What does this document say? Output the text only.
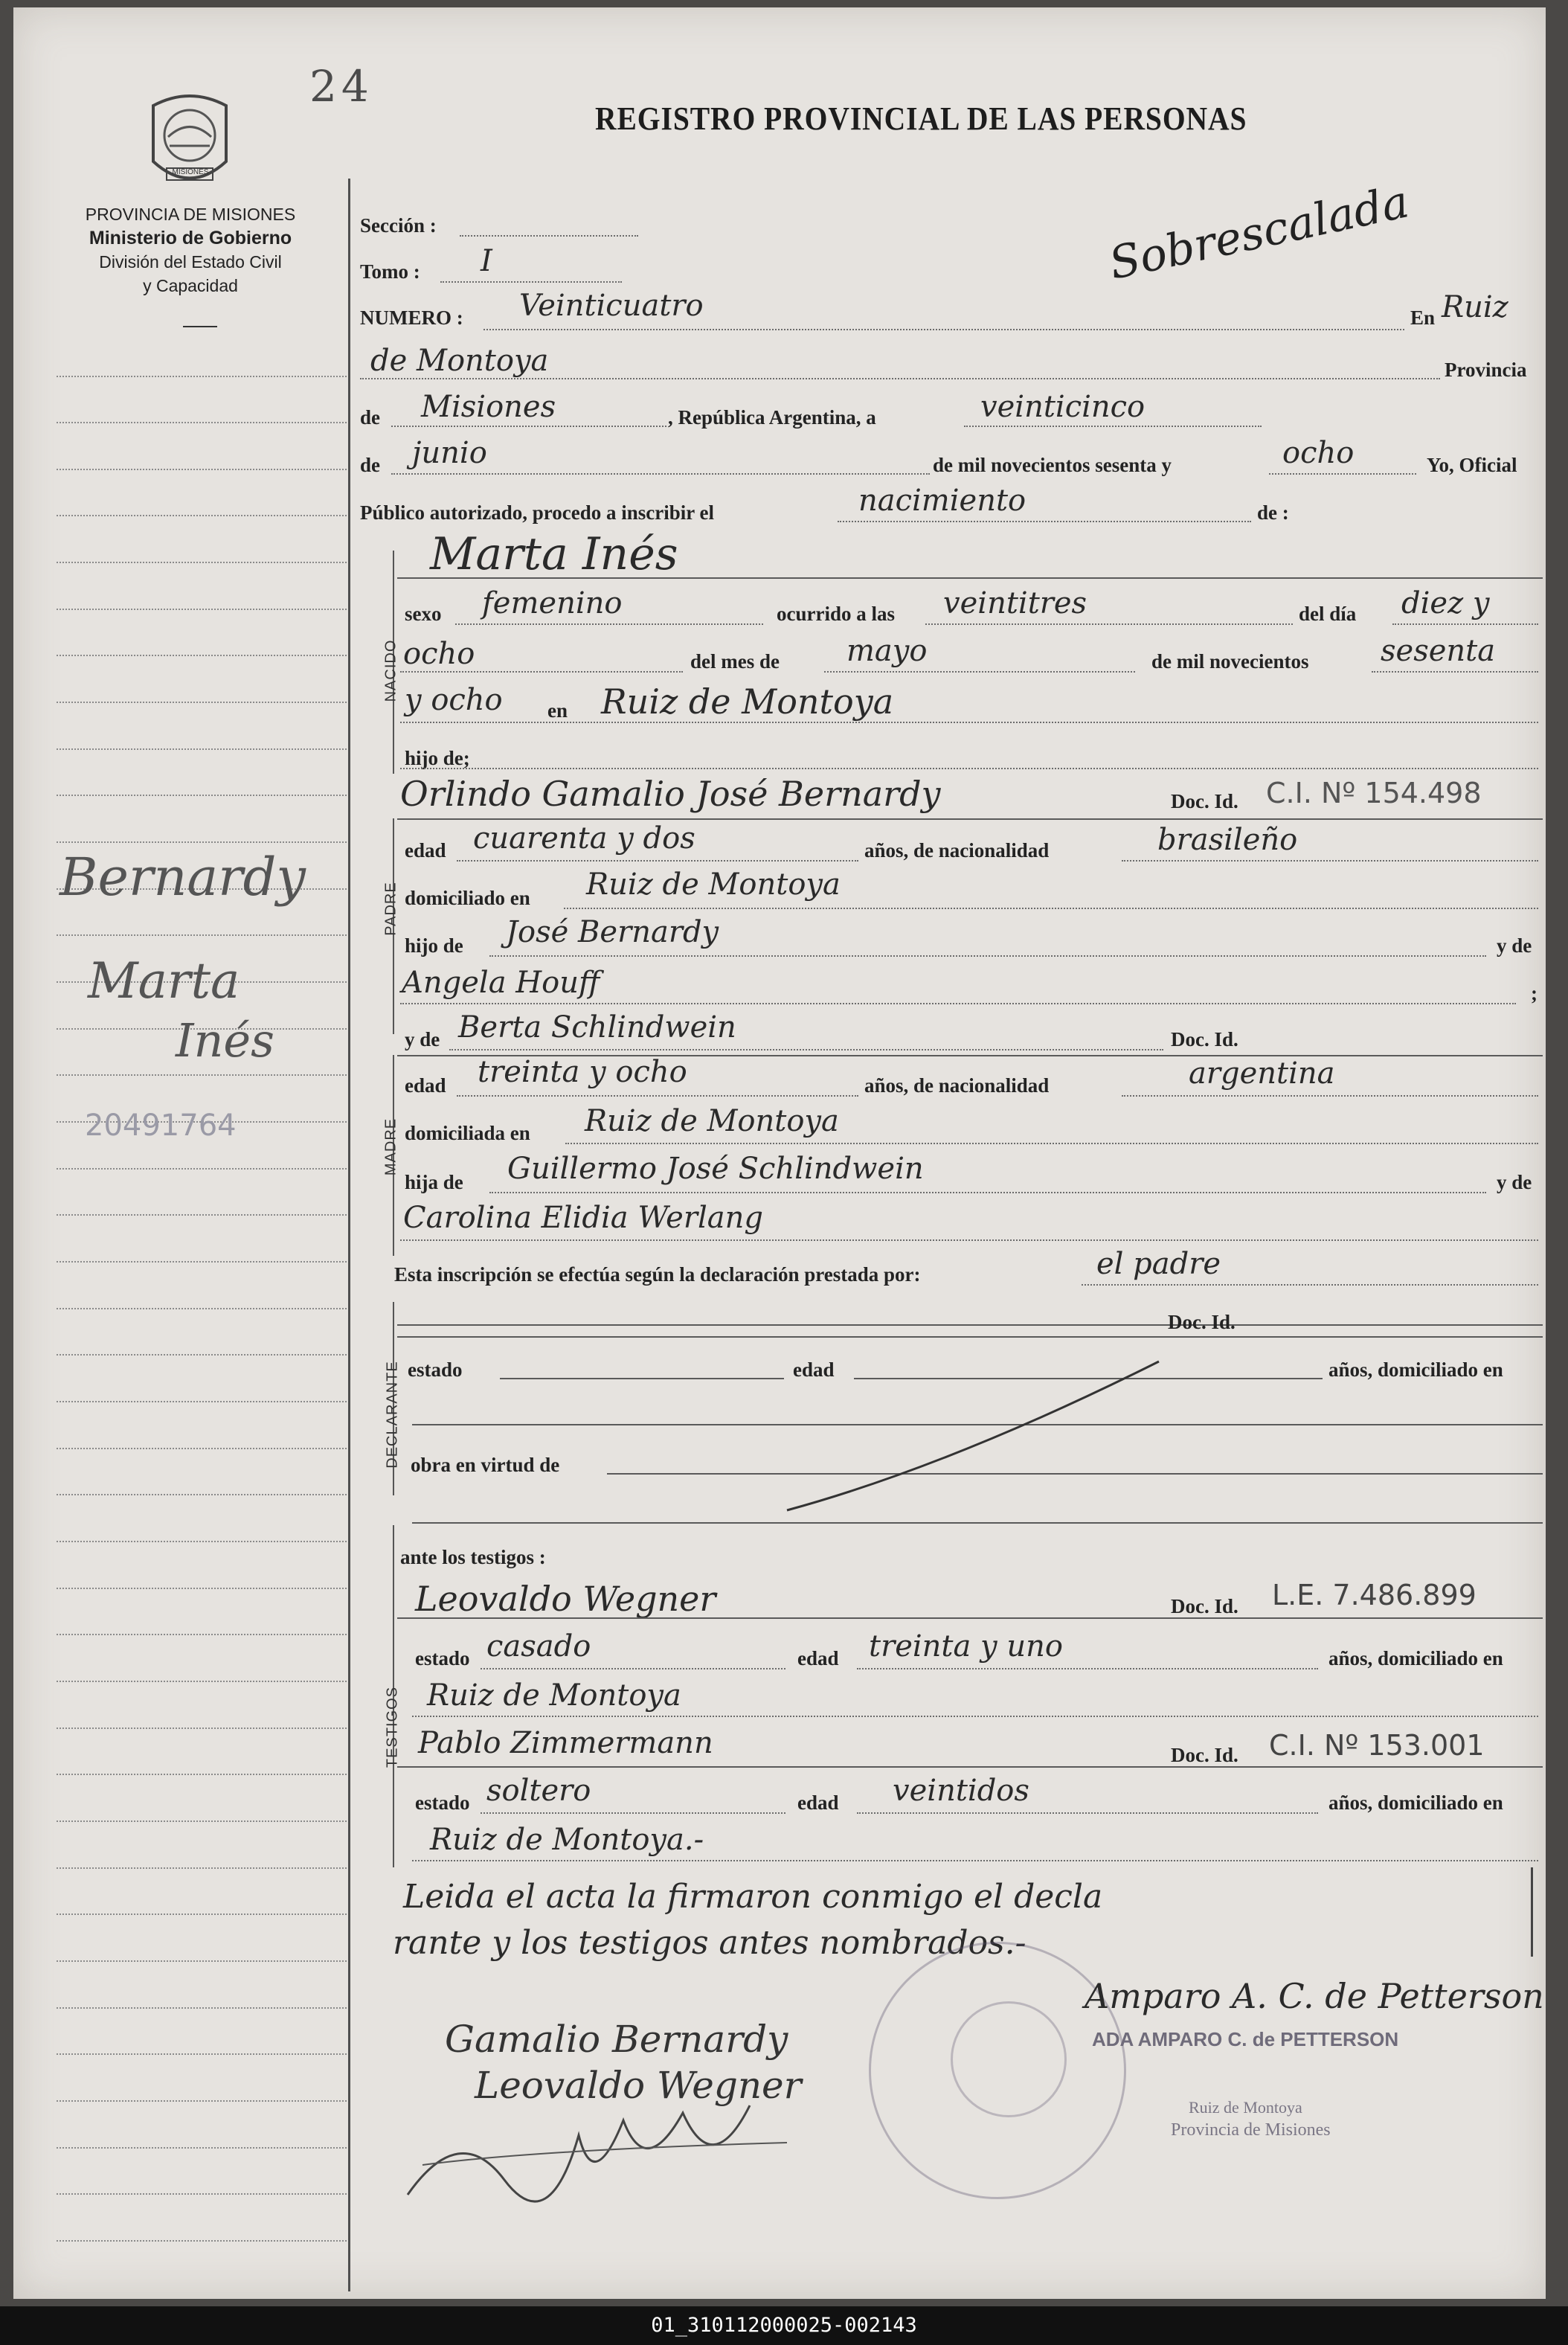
24
MISIONES
PROVINCIA DE MISIONES
Ministerio de Gobierno
División del Estado Civil
y Capacidad
REGISTRO PROVINCIAL DE LAS PERSONAS
Sobrescalada
Bernardy
Marta
Inés
20491764
Sección :
Tomo : I
NUMERO : Veinticuatro	En Ruiz
de Montoya	Provincia
de Misiones	, República Argentina, a	veinticinco
de junio	de mil novecientos sesenta y	ocho	Yo, Oficial
Público autorizado, procedo a inscribir el	nacimiento	de :
Marta Inés
NACIDO
sexo femenino	ocurrido a las veintitres	del día diez y
ocho	del mes de mayo	de mil novecientos sesenta
y ocho en Ruiz de Montoya
hijo de;
Orlindo Gamalio José Bernardy	Doc. Id. C.I. Nº 154.498
PADRE
edad cuarenta y dos	años, de nacionalidad	brasileño
domiciliado en Ruiz de Montoya
hijo de José Bernardy	y de
Angela Houff	;
y de Berta Schlindwein	Doc. Id.
MADRE
edad treinta y ocho	años, de nacionalidad	argentina
domiciliada en Ruiz de Montoya
hija de Guillermo José Schlindwein	y de
Carolina Elidia Werlang
Esta inscripción se efectúa según la declaración prestada por:	el padre
Doc. Id.
DECLARANTE estado	edad	años, domiciliado en
obra en virtud de
ante los testigos :
TESTIGOS
Leovaldo Wegner	Doc. Id. L.E. 7.486.899
estado casado	edad treinta y uno	años, domiciliado en
Ruiz de Montoya
Pablo Zimmermann	Doc. Id. C.I. Nº 153.001
estado soltero	edad veintidos	años, domiciliado en
Ruiz de Montoya.-
Leida el acta la firmaron conmigo el decla
rante y los testigos antes nombrados.-
Amparo A. C. de Petterson
ADA AMPARO C. de PETTERSON
Ruiz de Montoya
Provincia de Misiones
Gamalio Bernardy
Leovaldo Wegner
01_310112000025-002143
